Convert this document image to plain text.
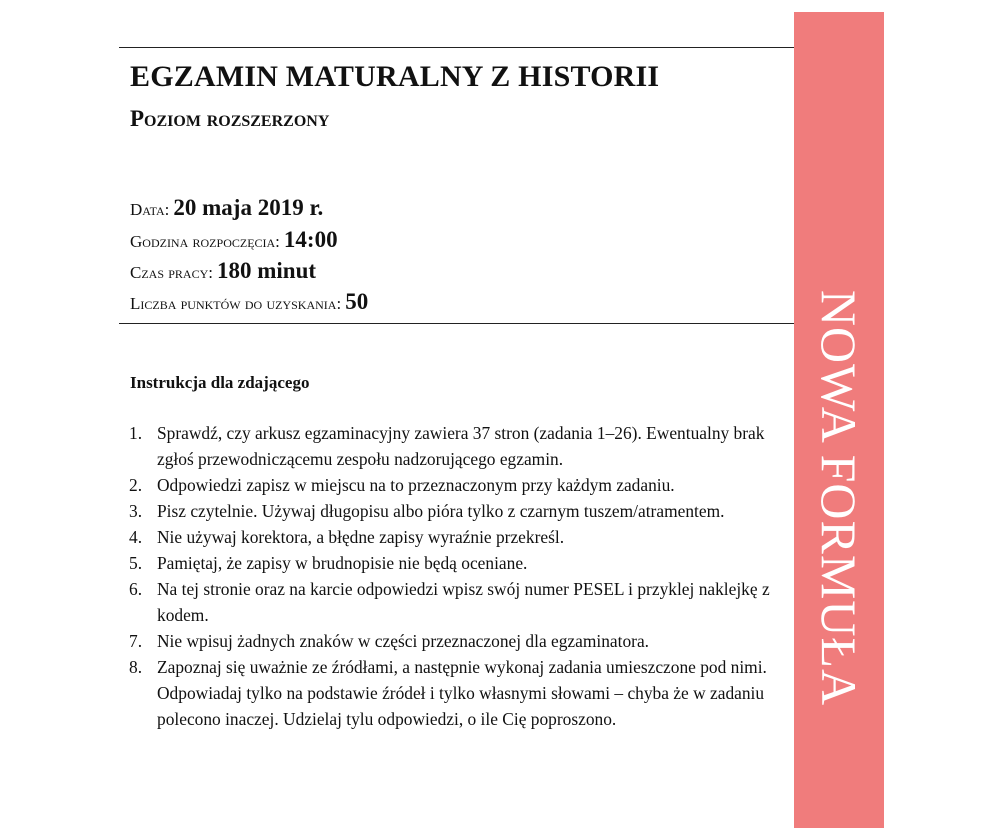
EGZAMIN MATURALNY Z HISTORII
Poziom rozszerzony
Data: 20 maja 2019 r.
Godzina rozpoczęcia: 14:00
Czas pracy: 180 minut
Liczba punktów do uzyskania: 50
Instrukcja dla zdającego
1. Sprawdź, czy arkusz egzaminacyjny zawiera 37 stron (zadania 1–26). Ewentualny brak zgłoś przewodniczącemu zespołu nadzorującego egzamin.
2. Odpowiedzi zapisz w miejscu na to przeznaczonym przy każdym zadaniu.
3. Pisz czytelnie. Używaj długopisu albo pióra tylko z czarnym tuszem/atramentem.
4. Nie używaj korektora, a błędne zapisy wyraźnie przekreśl.
5. Pamiętaj, że zapisy w brudnopisie nie będą oceniane.
6. Na tej stronie oraz na karcie odpowiedzi wpisz swój numer PESEL i przyklej naklejkę z kodem.
7. Nie wpisuj żadnych znaków w części przeznaczonej dla egzaminatora.
8. Zapoznaj się uważnie ze źródłami, a następnie wykonaj zadania umieszczone pod nimi. Odpowiadaj tylko na podstawie źródeł i tylko własnymi słowami – chyba że w zadaniu polecono inaczej. Udzielaj tylu odpowiedzi, o ile Cię poproszono.
NOWA FORMUŁA
